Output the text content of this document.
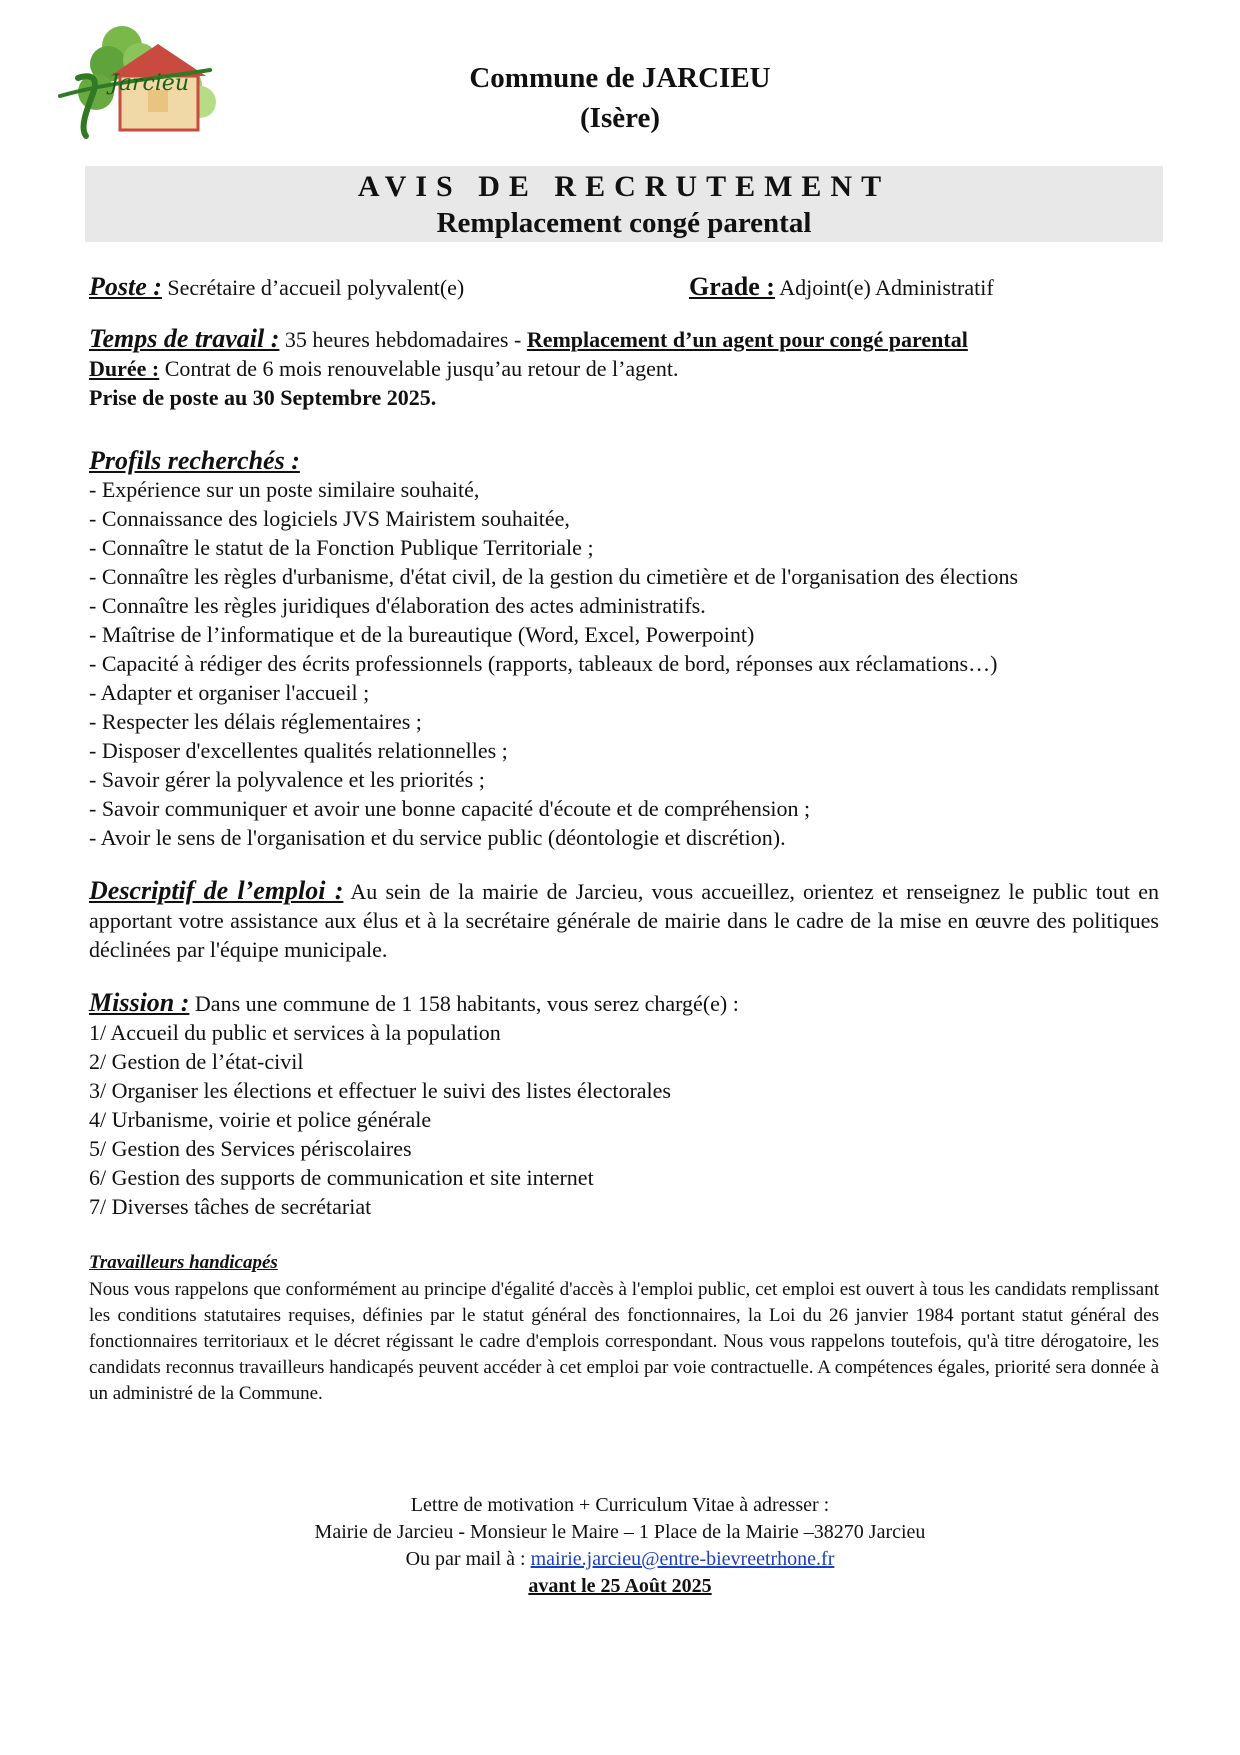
Jarcieu	Commune de JARCIEU
(Isère)
AVIS DE RECRUTEMENT
Remplacement congé parental
Poste : Secrétaire d’accueil polyvalent(e)	Grade : Adjoint(e) Administratif
Temps de travail : 35 heures hebdomadaires - Remplacement d’un agent pour congé parental
Durée : Contrat de 6 mois renouvelable jusqu’au retour de l’agent.
Prise de poste au 30 Septembre 2025.
Profils recherchés :
- Expérience sur un poste similaire souhaité,
- Connaissance des logiciels JVS Mairistem souhaitée,
- Connaître le statut de la Fonction Publique Territoriale ;
- Connaître les règles d'urbanisme, d'état civil, de la gestion du cimetière et de l'organisation des élections
- Connaître les règles juridiques d'élaboration des actes administratifs.
- Maîtrise de l’informatique et de la bureautique (Word, Excel, Powerpoint)
- Capacité à rédiger des écrits professionnels (rapports, tableaux de bord, réponses aux réclamations…)
- Adapter et organiser l'accueil ;
- Respecter les délais réglementaires ;
- Disposer d'excellentes qualités relationnelles ;
- Savoir gérer la polyvalence et les priorités ;
- Savoir communiquer et avoir une bonne capacité d'écoute et de compréhension ;
- Avoir le sens de l'organisation et du service public (déontologie et discrétion).
Descriptif de l’emploi : Au sein de la mairie de Jarcieu, vous accueillez, orientez et renseignez le public tout en apportant votre assistance aux élus et à la secrétaire générale de mairie dans le cadre de la mise en œuvre des politiques déclinées par l'équipe municipale.
Mission : Dans une commune de 1 158 habitants, vous serez chargé(e) :
1/ Accueil du public et services à la population
2/ Gestion de l’état-civil
3/ Organiser les élections et effectuer le suivi des listes électorales
4/ Urbanisme, voirie et police générale
5/ Gestion des Services périscolaires
6/ Gestion des supports de communication et site internet
7/ Diverses tâches de secrétariat
Travailleurs handicapés
Nous vous rappelons que conformément au principe d'égalité d'accès à l'emploi public, cet emploi est ouvert à tous les candidats remplissant les conditions statutaires requises, définies par le statut général des fonctionnaires, la Loi du 26 janvier 1984 portant statut général des fonctionnaires territoriaux et le décret régissant le cadre d'emplois correspondant. Nous vous rappelons toutefois, qu'à titre dérogatoire, les candidats reconnus travailleurs handicapés peuvent accéder à cet emploi par voie contractuelle. A compétences égales, priorité sera donnée à un administré de la Commune.
Lettre de motivation + Curriculum Vitae à adresser :
Mairie de Jarcieu - Monsieur le Maire – 1 Place de la Mairie –38270 Jarcieu
Ou par mail à : mairie.jarcieu@entre-bievreetrhone.fr
avant le 25 Août 2025
